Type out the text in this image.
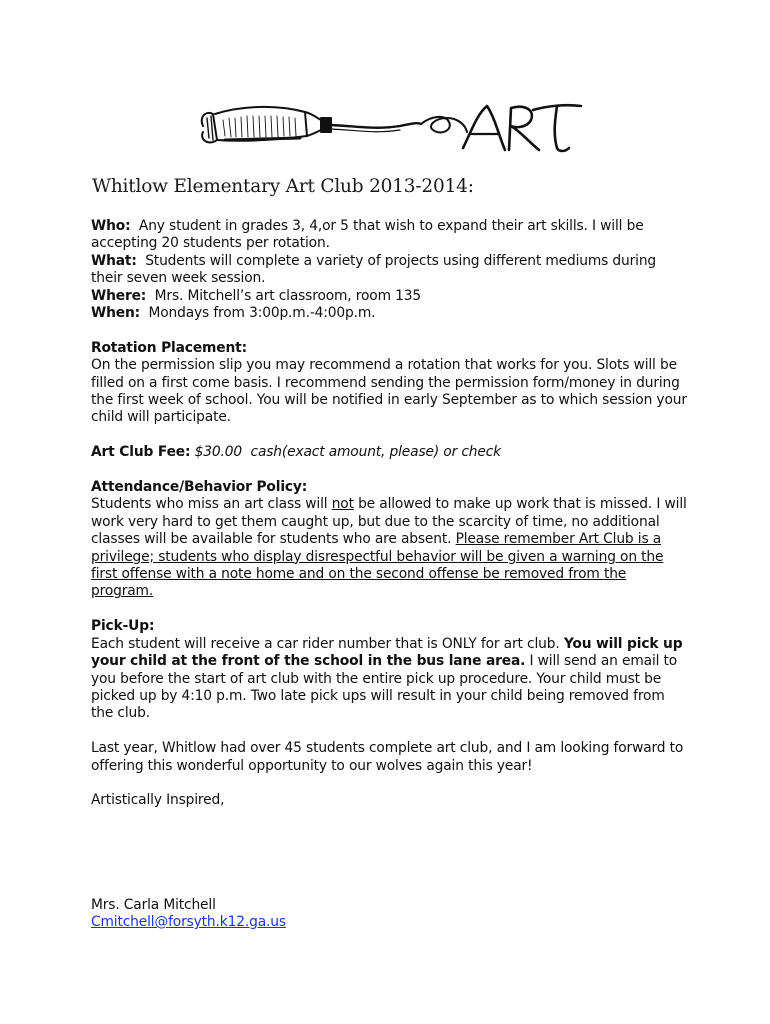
Whitlow Elementary Art Club 2013-2014:

Who: Any student in grades 3, 4,or 5 that wish to expand their art skills. I will be accepting 20 students per rotation.

What: Students will complete a variety of projects using different mediums during their seven week session.

Where: Mrs. Mitchell’s art classroom, room 135

When: Mondays from 3:00p.m.-4:00p.m.

Rotation Placement:

On the permission slip you may recommend a rotation that works for you. Slots will be filled on a first come basis. I recommend sending the permission form/money in during the first week of school. You will be notified in early September as to which session your child will participate.

Art Club Fee: $30.00 cash(exact amount, please) or check

Attendance/Behavior Policy:

Students who miss an art class will not be allowed to make up work that is missed. I will work very hard to get them caught up, but due to the scarcity of time, no additional classes will be available for students who are absent. Please remember Art Club is a privilege; students who display disrespectful behavior will be given a warning on the first offense with a note home and on the second offense be removed from the program.

Pick-Up:

Each student will receive a car rider number that is ONLY for art club. You will pick up your child at the front of the school in the bus lane area. I will send an email to you before the start of art club with the entire pick up procedure. Your child must be picked up by 4:10 p.m. Two late pick ups will result in your child being removed from the club.

Last year, Whitlow had over 45 students complete art club, and I am looking forward to offering this wonderful opportunity to our wolves again this year!

Artistically Inspired,

Mrs. Carla Mitchell

Cmitchell@forsyth.k12.ga.us
